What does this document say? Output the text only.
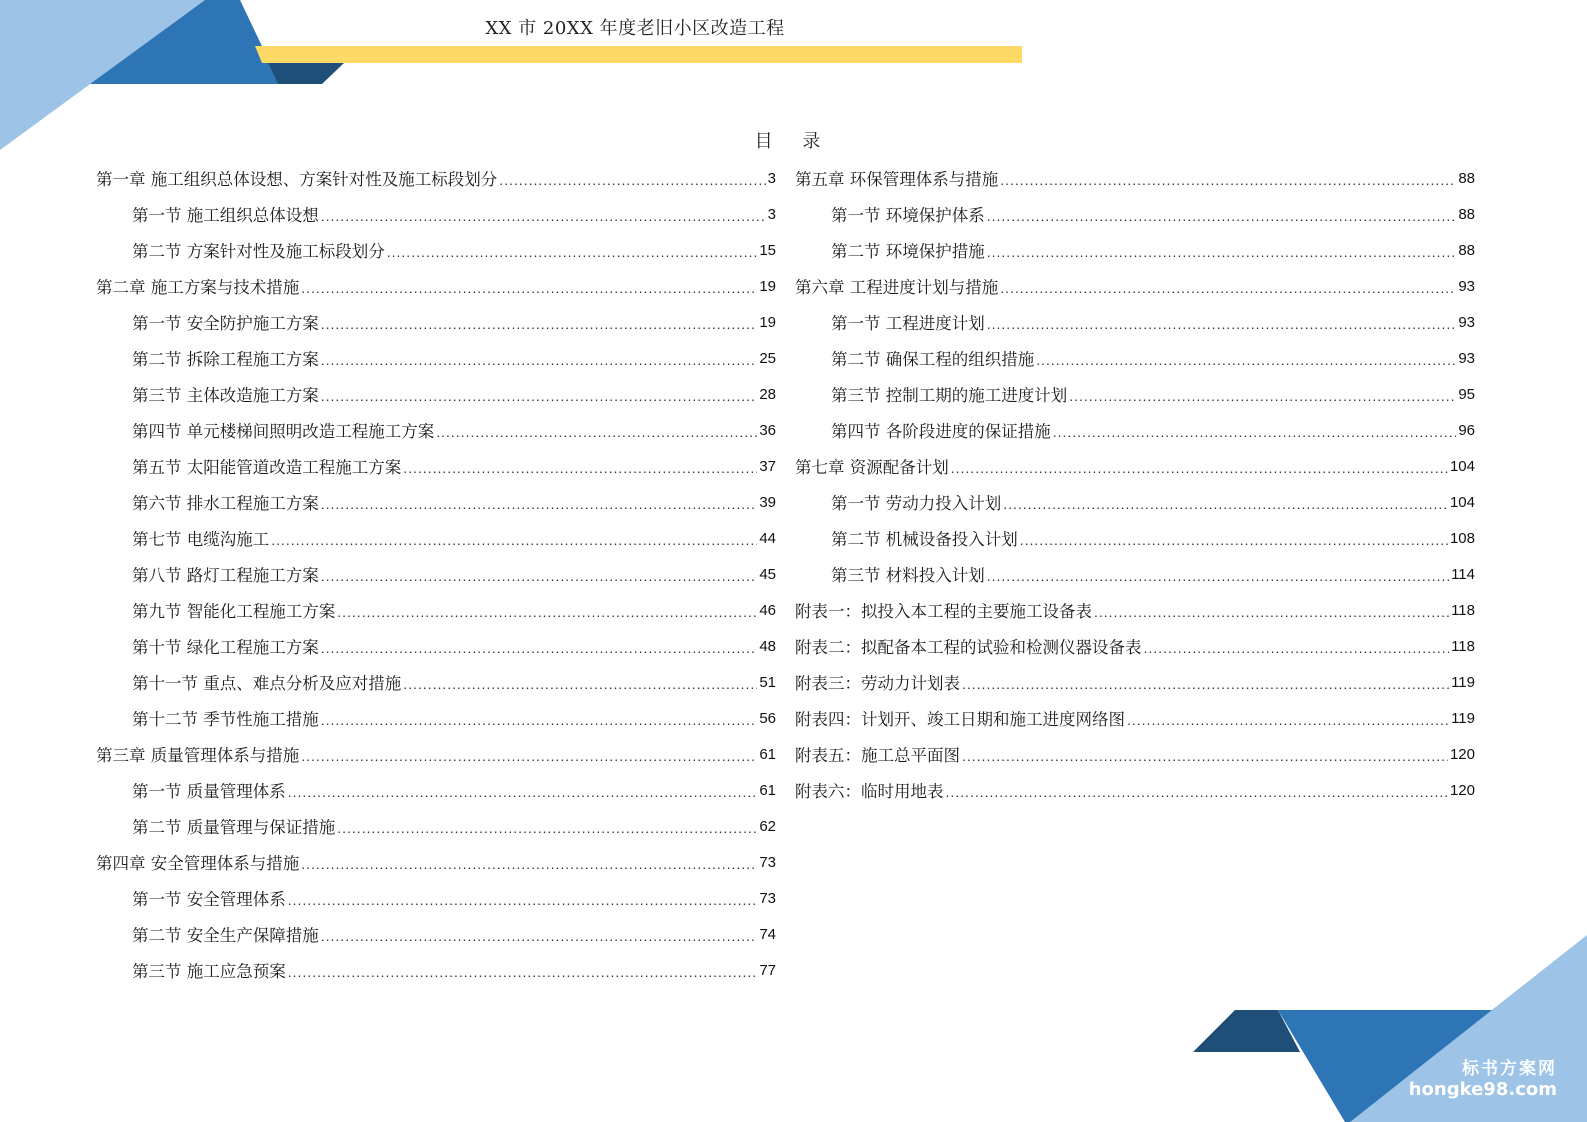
XX 市 20XX 年度老旧小区改造工程
目 录
第一章 施工组织总体设想、方案针对性及施工标段划分 .....	3
第一节 施工组织总体设想 .....	3
第二节 方案针对性及施工标段划分 .....	15
第二章 施工方案与技术措施 .....	19
第一节 安全防护施工方案 .....	19
第二节 拆除工程施工方案 .....	25
第三节 主体改造施工方案 .....	28
第四节 单元楼梯间照明改造工程施工方案 .....	36
第五节 太阳能管道改造工程施工方案 .....	37
第六节 排水工程施工方案 .....	39
第七节 电缆沟施工 .....	44
第八节 路灯工程施工方案 .....	45
第九节 智能化工程施工方案 .....	46
第十节 绿化工程施工方案 .....	48
第十一节 重点、难点分析及应对措施 .....	51
第十二节 季节性施工措施 .....	56
第三章 质量管理体系与措施 .....	61
第一节 质量管理体系 .....	61
第二节 质量管理与保证措施 .....	62
第四章 安全管理体系与措施 .....	73
第一节 安全管理体系 .....	73
第二节 安全生产保障措施 .....	74
第三节 施工应急预案 .....	77
第五章 环保管理体系与措施 .....	88
第一节 环境保护体系 .....	88
第二节 环境保护措施 .....	88
第六章 工程进度计划与措施 .....	93
第一节 工程进度计划 .....	93
第二节 确保工程的组织措施 .....	93
第三节 控制工期的施工进度计划 .....	95
第四节 各阶段进度的保证措施 .....	96
第七章 资源配备计划 .....	104
第一节 劳动力投入计划 .....	104
第二节 机械设备投入计划 .....	108
第三节 材料投入计划 .....	114
附表一：拟投入本工程的主要施工设备表 .....	118
附表二：拟配备本工程的试验和检测仪器设备表 .....	118
附表三：劳动力计划表 .....	119
附表四：计划开、竣工日期和施工进度网络图 .....	119
附表五：施工总平面图 .....	120
附表六：临时用地表 .....	120
标书方案网
hongke98.com
